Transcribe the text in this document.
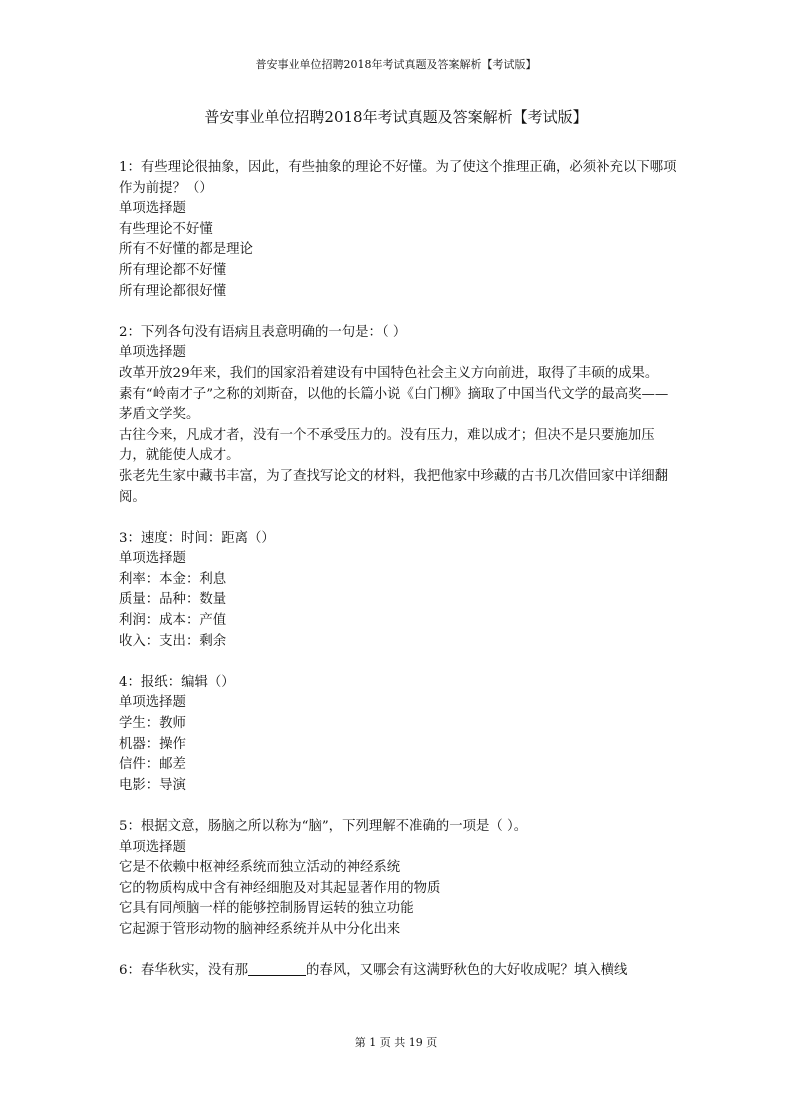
普安事业单位招聘2018年考试真题及答案解析【考试版】
普安事业单位招聘2018年考试真题及答案解析【考试版】

1：有些理论很抽象，因此，有些抽象的理论不好懂。为了使这个推理正确，必须补充以下哪项作为前提？（）

单项选择题

有些理论不好懂

所有不好懂的都是理论

所有理论都不好懂

所有理论都很好懂

2：下列各句没有语病且表意明确的一句是：（ ）

单项选择题

改革开放29年来，我们的国家沿着建设有中国特色社会主义方向前进，取得了丰硕的成果。

素有“岭南才子”之称的刘斯奋，以他的长篇小说《白门柳》摘取了中国当代文学的最高奖——茅盾文学奖。

古往今来，凡成才者，没有一个不承受压力的。没有压力，难以成才；但决不是只要施加压力，就能使人成才。

张老先生家中藏书丰富，为了查找写论文的材料，我把他家中珍藏的古书几次借回家中详细翻阅。

3：速度：时间：距离（）

单项选择题

利率：本金：利息

质量：品种：数量

利润：成本：产值

收入：支出：剩余

4：报纸：编辑（）

单项选择题

学生：教师

机器：操作

信件：邮差

电影：导演

5：根据文意，肠脑之所以称为“脑”，下列理解不准确的一项是（ ）。

单项选择题

它是不依赖中枢神经系统而独立活动的神经系统

它的物质构成中含有神经细胞及对其起显著作用的物质

它具有同颅脑一样的能够控制肠胃运转的独立功能

它起源于管形动物的脑神经系统并从中分化出来

6：春华秋实，没有那	的春风，又哪会有这满野秋色的大好收成呢？填入横线

第 1 页 共 19 页
